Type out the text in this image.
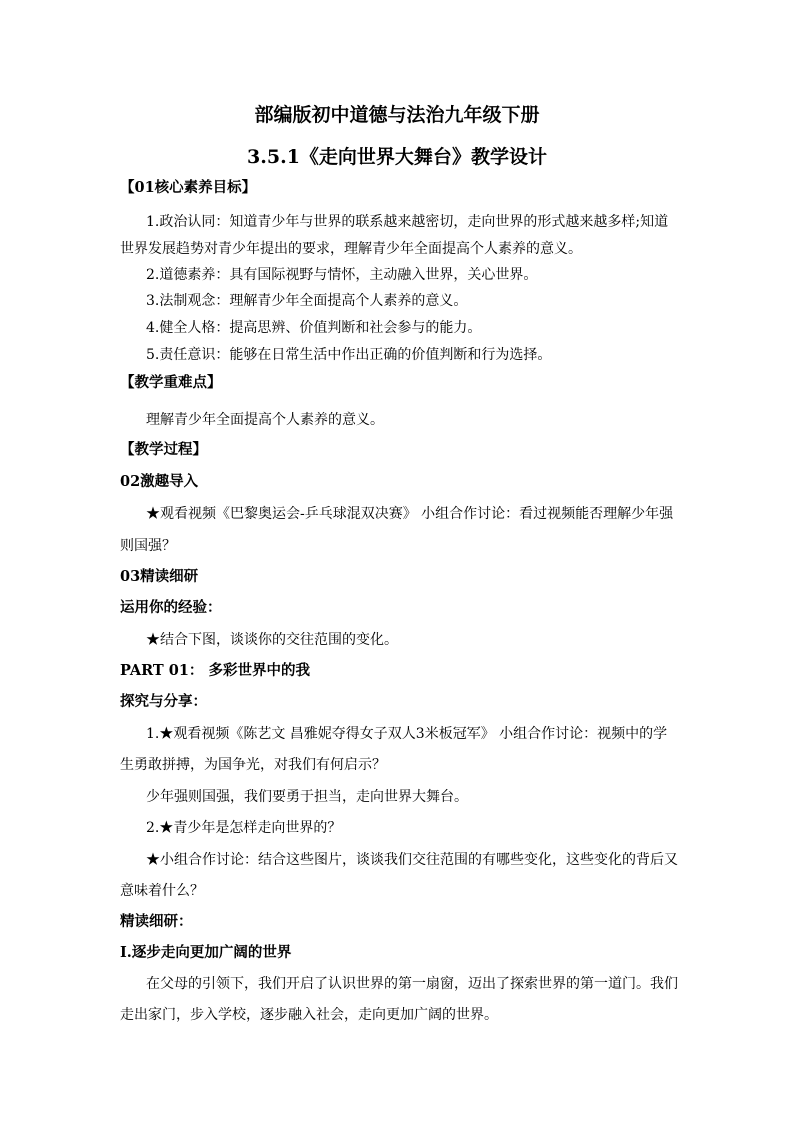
部编版初中道德与法治九年级下册
3.5.1《走向世界大舞台》教学设计
【01核心素养目标】
1.政治认同：知道青少年与世界的联系越来越密切，走向世界的形式越来越多样;知道
世界发展趋势对青少年提出的要求，理解青少年全面提高个人素养的意义。
2.道德素养：具有国际视野与情怀，主动融入世界，关心世界。
3.法制观念：理解青少年全面提高个人素养的意义。
4.健全人格：提高思辨、价值判断和社会参与的能力。
5.责任意识：能够在日常生活中作出正确的价值判断和行为选择。
【教学重难点】
理解青少年全面提高个人素养的意义。
【教学过程】
02激趣导入
★观看视频《巴黎奥运会-乒乓球混双决赛》 小组合作讨论：看过视频能否理解少年强
则国强？
03精读细研
运用你的经验：
★结合下图，谈谈你的交往范围的变化。
PART 01： 多彩世界中的我
探究与分享：
1.★观看视频《陈艺文 昌雅妮夺得女子双人3米板冠军》 小组合作讨论：视频中的学
生勇敢拼搏，为国争光，对我们有何启示？
少年强则国强，我们要勇于担当，走向世界大舞台。
2.★青少年是怎样走向世界的？
★小组合作讨论：结合这些图片，谈谈我们交往范围的有哪些变化，这些变化的背后又
意味着什么？
精读细研：
Ⅰ.逐步走向更加广阔的世界
在父母的引领下，我们开启了认识世界的第一扇窗，迈出了探索世界的第一道门。我们
走出家门，步入学校，逐步融入社会，走向更加广阔的世界。
